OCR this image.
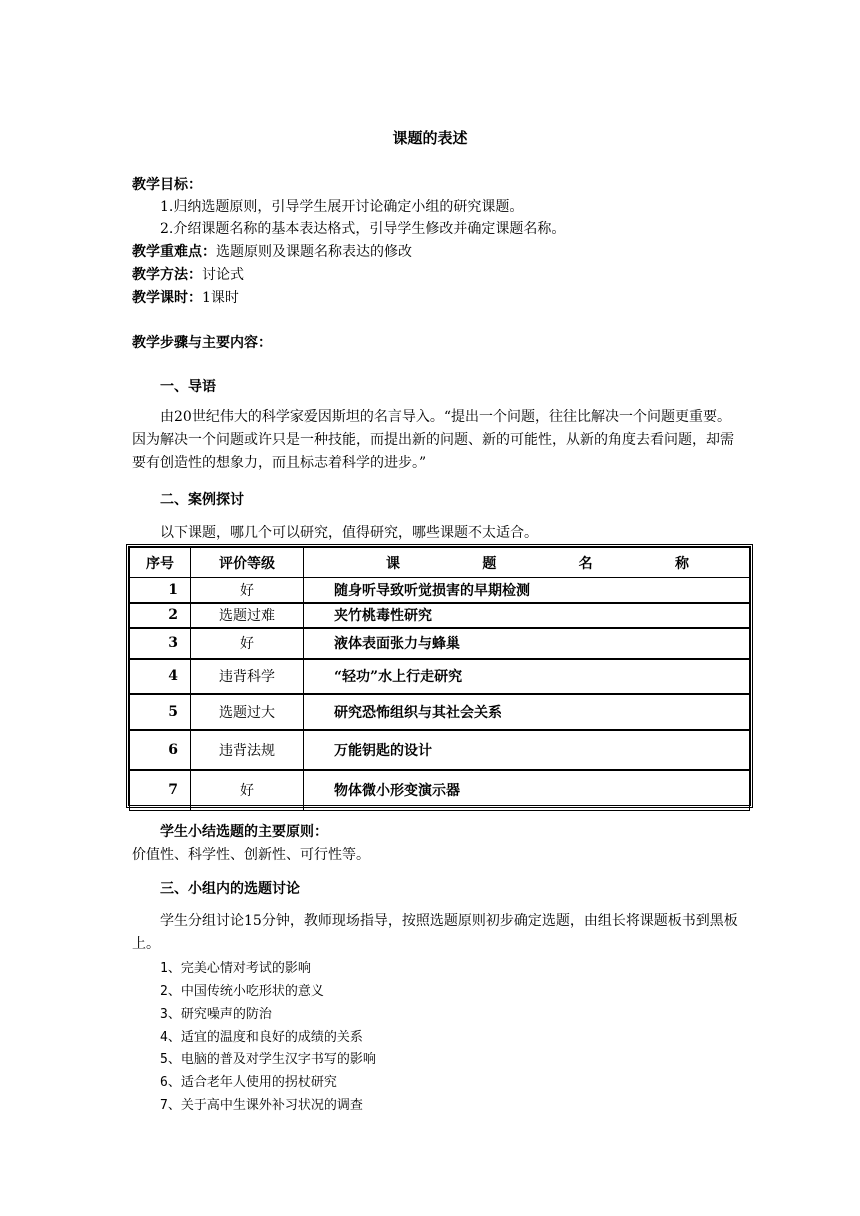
课题的表述
教学目标：
1.归纳选题原则，引导学生展开讨论确定小组的研究课题。
2.介绍课题名称的基本表达格式，引导学生修改并确定课题名称。
教学重难点：选题原则及课题名称表达的修改
教学方法：讨论式
教学课时：1课时
教学步骤与主要内容：
一、导语
由20世纪伟大的科学家爱因斯坦的名言导入。“提出一个问题，往往比解决一个问题更重要。因为解决一个问题或许只是一种技能，而提出新的问题、新的可能性，从新的角度去看问题，却需要有创造性的想象力，而且标志着科学的进步。”
二、案例探讨
以下课题，哪几个可以研究，值得研究，哪些课题不太适合。
序号	评价等级	课 题 名 称

1	好	随身听导致听觉损害的早期检测
2	选题过难	夹竹桃毒性研究
3	好	液体表面张力与蜂巢
4	违背科学	“轻功”水上行走研究
5	选题过大	研究恐怖组织与其社会关系
6	违背法规	万能钥匙的设计
7	好	物体微小形变演示器
学生小结选题的主要原则：
价值性、科学性、创新性、可行性等。
三、小组内的选题讨论
学生分组讨论15分钟，教师现场指导，按照选题原则初步确定选题，由组长将课题板书到黑板上。
1、完美心情对考试的影响
2、中国传统小吃形状的意义
3、研究噪声的防治
4、适宜的温度和良好的成绩的关系
5、电脑的普及对学生汉字书写的影响
6、适合老年人使用的拐杖研究
7、关于高中生课外补习状况的调查
